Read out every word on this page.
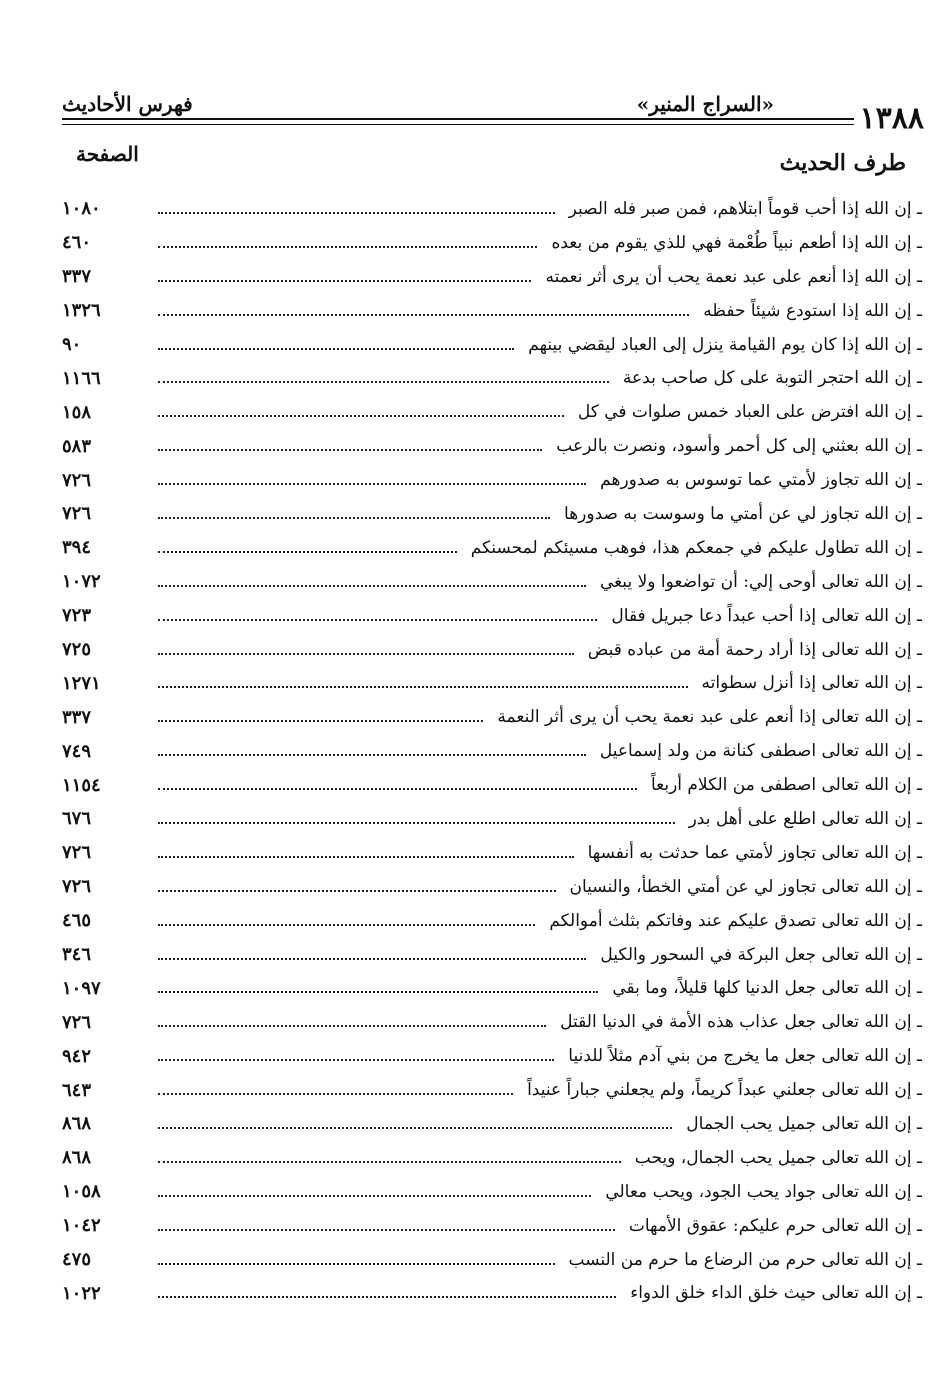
١٣٨٨
«السراج المنير»
فهرس الأحاديث
طرف الحديث
الصفحة
ـ إن الله إذا أحب قوماً ابتلاهم، فمن صبر فله الصبر
١٠٨٠
ـ إن الله إذا أطعم نبياً طُعْمة فهي للذي يقوم من بعده
٤٦٠
ـ إن الله إذا أنعم على عبد نعمة يحب أن يرى أثر نعمته
٣٣٧
ـ إن الله إذا استودع شيئاً حفظه
١٣٢٦
ـ إن الله إذا كان يوم القيامة ينزل إلى العباد ليقضي بينهم
٩٠
ـ إن الله احتجر التوبة على كل صاحب بدعة
١١٦٦
ـ إن الله افترض على العباد خمس صلوات في كل
١٥٨
ـ إن الله بعثني إلى كل أحمر وأسود، ونصرت بالرعب
٥٨٣
ـ إن الله تجاوز لأمتي عما توسوس به صدورهم
٧٢٦
ـ إن الله تجاوز لي عن أمتي ما وسوست به صدورها
٧٢٦
ـ إن الله تطاول عليكم في جمعكم هذا، فوهب مسيئكم لمحسنكم
٣٩٤
ـ إن الله تعالى أوحى إلي: أن تواضعوا ولا يبغي
١٠٧٢
ـ إن الله تعالى إذا أحب عبداً دعا جبريل فقال
٧٢٣
ـ إن الله تعالى إذا أراد رحمة أمة من عباده قبض
٧٢٥
ـ إن الله تعالى إذا أنزل سطواته
١٢٧١
ـ إن الله تعالى إذا أنعم على عبد نعمة يحب أن يرى أثر النعمة
٣٣٧
ـ إن الله تعالى اصطفى كنانة من ولد إسماعيل
٧٤٩
ـ إن الله تعالى اصطفى من الكلام أربعاً
١١٥٤
ـ إن الله تعالى اطلع على أهل بدر
٦٧٦
ـ إن الله تعالى تجاوز لأمتي عما حدثت به أنفسها
٧٢٦
ـ إن الله تعالى تجاوز لي عن أمتي الخطأ، والنسيان
٧٢٦
ـ إن الله تعالى تصدق عليكم عند وفاتكم بثلث أموالكم
٤٦٥
ـ إن الله تعالى جعل البركة في السحور والكيل
٣٤٦
ـ إن الله تعالى جعل الدنيا كلها قليلاً، وما بقي
١٠٩٧
ـ إن الله تعالى جعل عذاب هذه الأمة في الدنيا القتل
٧٢٦
ـ إن الله تعالى جعل ما يخرج من بني آدم مثلاً للدنيا
٩٤٢
ـ إن الله تعالى جعلني عبداً كريماً، ولم يجعلني جباراً عنيداً
٦٤٣
ـ إن الله تعالى جميل يحب الجمال
٨٦٨
ـ إن الله تعالى جميل يحب الجمال، ويحب
٨٦٨
ـ إن الله تعالى جواد يحب الجود، ويحب معالي
١٠٥٨
ـ إن الله تعالى حرم عليكم: عقوق الأمهات
١٠٤٢
ـ إن الله تعالى حرم من الرضاع ما حرم من النسب
٤٧٥
ـ إن الله تعالى حيث خلق الداء خلق الدواء
١٠٢٢
